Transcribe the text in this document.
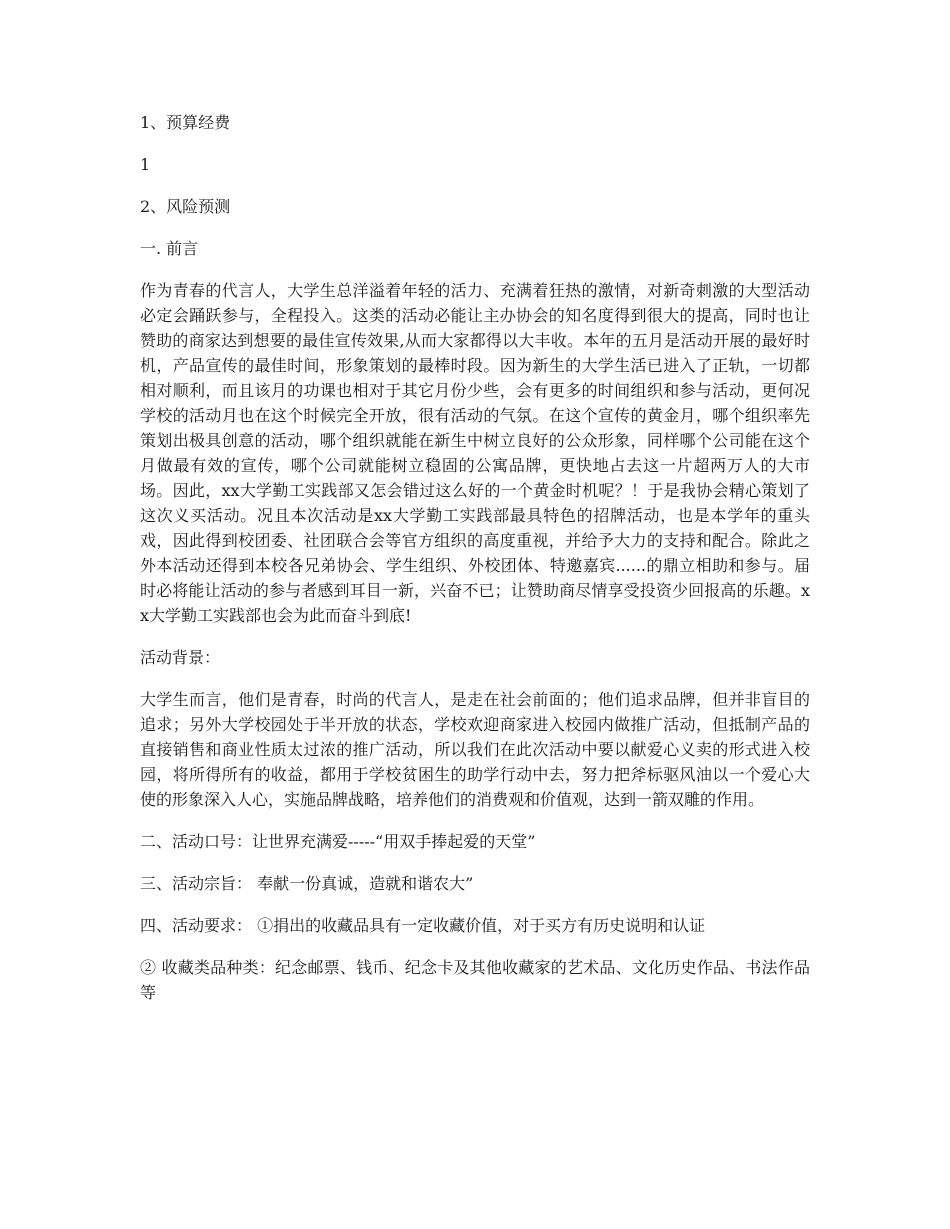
1、预算经费

1

2、风险预测

一. 前言

作为青春的代言人，大学生总洋溢着年轻的活力、充满着狂热的激情，对新奇刺激的大型活动必定会踊跃参与，全程投入。这类的活动必能让主办协会的知名度得到很大的提高，同时也让赞助的商家达到想要的最佳宣传效果,从而大家都得以大丰收。本年的五月是活动开展的最好时机，产品宣传的最佳时间，形象策划的最棒时段。因为新生的大学生活已进入了正轨，一切都相对顺利，而且该月的功课也相对于其它月份少些，会有更多的时间组织和参与活动，更何况学校的活动月也在这个时候完全开放，很有活动的气氛。在这个宣传的黄金月，哪个组织率先策划出极具创意的活动，哪个组织就能在新生中树立良好的公众形象，同样哪个公司能在这个月做最有效的宣传，哪个公司就能树立稳固的公寓品牌，更快地占去这一片超两万人的大市场。因此，xx大学勤工实践部又怎会错过这么好的一个黄金时机呢？！于是我协会精心策划了这次义买活动。况且本次活动是xx大学勤工实践部最具特色的招牌活动，也是本学年的重头戏，因此得到校团委、社团联合会等官方组织的高度重视，并给予大力的支持和配合。除此之外本活动还得到本校各兄弟协会、学生组织、外校团体、特邀嘉宾......的鼎立相助和参与。届时必将能让活动的参与者感到耳目一新，兴奋不已；让赞助商尽情享受投资少回报高的乐趣。xx大学勤工实践部也会为此而奋斗到底!

活动背景：

大学生而言，他们是青春，时尚的代言人，是走在社会前面的；他们追求品牌，但并非盲目的追求；另外大学校园处于半开放的状态，学校欢迎商家进入校园内做推广活动，但抵制产品的直接销售和商业性质太过浓的推广活动，所以我们在此次活动中要以献爱心义卖的形式进入校园，将所得所有的收益，都用于学校贫困生的助学行动中去，努力把斧标驱风油以一个爱心大使的形象深入人心，实施品牌战略，培养他们的消费观和价值观，达到一箭双雕的作用。

二、活动口号：让世界充满爱-----“用双手捧起爱的天堂”

三、活动宗旨： 奉献一份真诚，造就和谐农大”

四、活动要求： ①捐出的收藏品具有一定收藏价值，对于买方有历史说明和认证

② 收藏类品种类：纪念邮票、钱币、纪念卡及其他收藏家的艺术品、文化历史作品、书法作品等
